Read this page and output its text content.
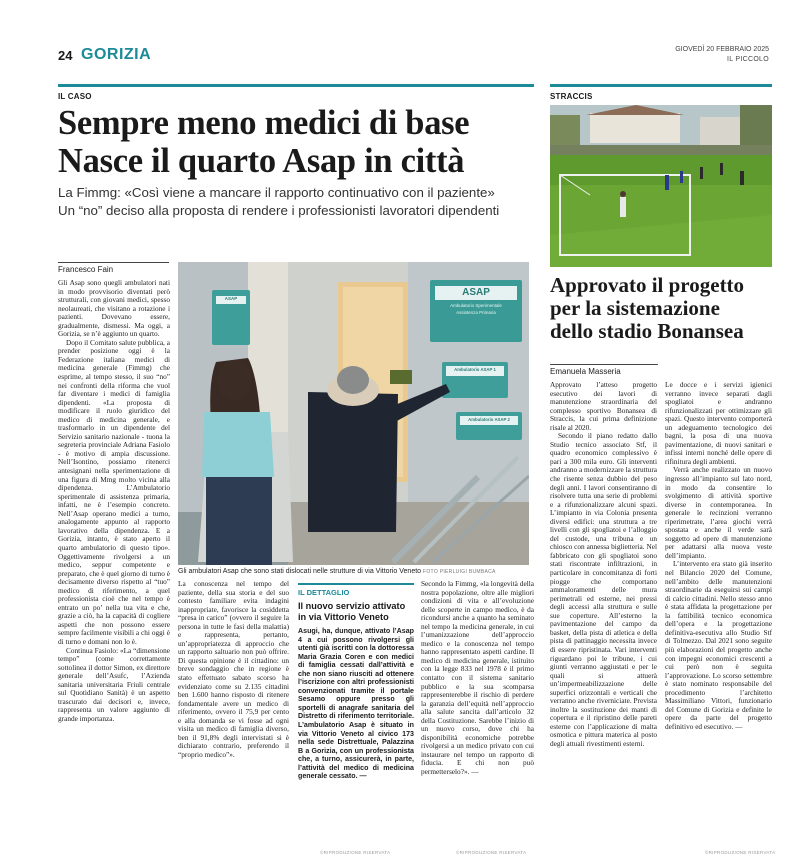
24 GORIZIA	GIOVEDÌ 20 FEBBRAIO 2025
IL PICCOLO
IL CASO
Sempre meno medici di base
Nasce il quarto Asap in città
La Fimmg: «Così viene a mancare il rapporto continuativo con il paziente»
Un “no” deciso alla proposta di rendere i professionisti lavoratori dipendenti
Francesco Fain

Gli Asap sono quegli ambulatori nati in modo provvisorio diventati però strutturali, con giovani medici, spesso neolaureati, che visitano a rotazione i pazienti. Dovevano essere, gradualmente, dismessi. Ma oggi, a Gorizia, se n’è aggiunto un quarto.

Dopo il Comitato salute pubblica, a prender posizione oggi è la Federazione italiana medici di medicina generale (Fimmg) che esprime, al tempo stesso, il suo “no” nei confronti della riforma che vuol far diventare i medici di famiglia dipendenti. «La proposta di modificare il ruolo giuridico del medico di medicina generale, e trasformarlo in un dipendente del Servizio sanitario nazionale - tuona la segreteria provinciale Adriana Fasiolo - è motivo di ampia discussione. Nell’Isontino, possiamo ritenerci antesignani nella sperimentazione di una figura di Mmg molto vicina alla dipendenza. L’Ambulatorio sperimentale di assistenza primaria, infatti, ne è l’esempio concreto. Nell’Asap operano medici a turno, analogamente appunto al rapporto lavorativo della dipendenza. E a Gorizia, intanto, è stato aperto il quarto ambulatorio di questo tipo». Oggettivamente rivolgersi a un medico, seppur competente e preparato, che è quel giorno di turno è decisamente diverso rispetto al “tuo” medico di riferimento, a quel professionista cioè che nel tempo è entrato un po’ nella tua vita e che, grazie a ciò, ha la capacità di cogliere aspetti che non possono essere sempre facilmente visibili a chi oggi è di turno e domani non lo è.

Continua Fasiolo: «La “dimensione tempo” (come correttamente sottolinea il dottor Simon, ex direttore generale dell’Asufc, l’Azienda sanitaria universitaria Friuli centrale sul Quotidiano Sanità) è un aspetto trascurato dai decisori e, invece, rappresenta un valore aggiunto di grande importanza.

ASAP
ASAP
Ambulatorio Sperimentale
Assistenza Primaria
Ambulatorio ASAP 1
Ambulatorio ASAP 2
Gli ambulatori Asap che sono stati dislocati nelle strutture di via Vittorio Veneto FOTO PIERLUIGI BUMBACA

La conoscenza nel tempo del paziente, della sua storia e del suo contesto familiare evita indagini inappropriate, favorisce la cosiddetta “presa in carico” (ovvero il seguire la persona in tutte le fasi della malattia) e rappresenta, pertanto, un’appropriatezza di approccio che un rapporto saltuario non può offrire. Di questa opinione è il cittadino: un breve sondaggio che in regione è stato effettuato sabato scorso ha evidenziato come su 2.135 cittadini ben 1.600 hanno risposto di ritenere fondamentale avere un medico di riferimento, ovvero il 75,9 per cento e alla domanda se vi fosse ad ogni visita un medico di famiglia diverso, ben il 91,8% degli intervistati si è dichiarato contrario, preferendo il “proprio medico”».

IL DETTAGLIO
Il nuovo servizio attivato
in via Vittorio Veneto
Asugi, ha, dunque, attivato l’Asap 4 a cui possono rivolgersi gli utenti già iscritti con la dottoressa Maria Grazia Coren e con medici di famiglia cessati dall’attività e che non siano riusciti ad ottenere l’iscrizione con altri professionisti convenzionati tramite il portale Sesamo oppure presso gli sportelli di anagrafe sanitaria del Distretto di riferimento territoriale. L’ambulatorio Asap è situato in via Vittorio Veneto al civico 173 nella sede Distrettuale, Palazzina B a Gorizia, con un professionista che, a turno, assicurerà, in parte, l’attività del medico di medicina generale cessato. —

Secondo la Fimmg, «la longevità della nostra popolazione, oltre alle migliori condizioni di vita e all’evoluzione delle scoperte in campo medico, è da ricondursi anche a quanto ha seminato nel tempo la medicina generale, in cui l’umanizzazione dell’approccio medico e la conoscenza nel tempo hanno rappresentato aspetti cardine. Il medico di medicina generale, istituito con la legge 833 nel 1978 è il primo contatto con il sistema sanitario pubblico e la sua scomparsa rappresenterebbe il rischio di perdere la garanzia dell’equità nell’approccio alla salute sancita dall’articolo 32 della Costituzione. Sarebbe l’inizio di un nuovo corso, dove chi ha disponibilità economiche potrebbe rivolgersi a un medico privato con cui instaurare nel tempo un rapporto di fiducia. E chi non può permetterselo?». —

©RIPRODUZIONE RISERVATA	©RIPRODUZIONE RISERVATA
STRACCIS
Approvato il progetto
per la sistemazione
dello stadio Bonansea
Emanuela Masseria

Approvato l’atteso progetto esecutivo dei lavori di manutenzione straordinaria del complesso sportivo Bonansea di Straccis, la cui prima definizione risale al 2020.

Secondo il piano redatto dallo Studio tecnico associato Stf, il quadro economico complessivo è pari a 300 mila euro. Gli interventi andranno a modernizzare la struttura che risente senza dubbio del peso degli anni. I lavori consentiranno di risolvere tutta una serie di problemi e a rifunzionalizzare alcuni spazi. L’impianto in via Colonia presenta diversi edifici: una struttura a tre livelli con gli spogliatoi e l’alloggio del custode, una tribuna e un chiosco con annessa biglietteria. Nel fabbricato con gli spogliatoi sono stati riscontrate infiltrazioni, in particolare in concomitanza di forti piogge che comportano ammaloramenti delle mura perimetrali ed esterne, nei pressi degli accessi alla struttura e sulle sue coperture. All’esterno la pavimentazione del campo da basket, della pista di atletica e della pista di pattinaggio necessita invece di essere ripristinata. Vari interventi riguardano poi le tribune, i cui giunti verranno aggiustati e per le quali si attuerà un’impermeabilizzazione delle superfici orizzontali e verticali che verranno anche riverniciate. Prevista inoltre la sostituzione dei manti di copertura e il ripristino delle pareti esterne con l’applicazione di malta osmotica e pittura materica al posto degli attuali rivestimenti esterni.

Le docce e i servizi igienici verranno invece separati dagli spogliatoi e andranno rifunzionalizzati per ottimizzare gli spazi. Questo intervento comporterà un adeguamento tecnologico dei bagni, la posa di una nuova pavimentazione, di nuovi sanitari e infissi interni nonché delle opere di rifinitura degli ambienti.

Verrà anche realizzato un nuovo ingresso all’impianto sul lato nord, in modo da consentire lo svolgimento di attività sportive diverse in contemporanea. In generale le recinzioni verranno riperimetrate, l’area giochi verrà spostata e anche il verde sarà soggetto ad opere di manutenzione per adattarsi alla nuova veste dell’impianto.

L’intervento era stato già inserito nel Bilancio 2020 del Comune, nell’ambito delle manutenzioni straordinarie da eseguirsi sui campi di calcio cittadini. Nello stesso anno è stata affidata la progettazione per la fattibilità tecnico economica dell’opera e la progettazione definitiva-esecutiva allo Studio Stf di Tolmezzo. Dal 2021 sono seguite più elaborazioni del progetto anche con impegni economici crescenti a cui però non è seguita l’approvazione. Lo scorso settembre è stato nominato responsabile del procedimento l’architetto Massimiliano Vittori, funzionario del Comune di Gorizia e definite le opere da parte del progetto definitivo ed esecutivo. —

©RIPRODUZIONE RISERVATA
